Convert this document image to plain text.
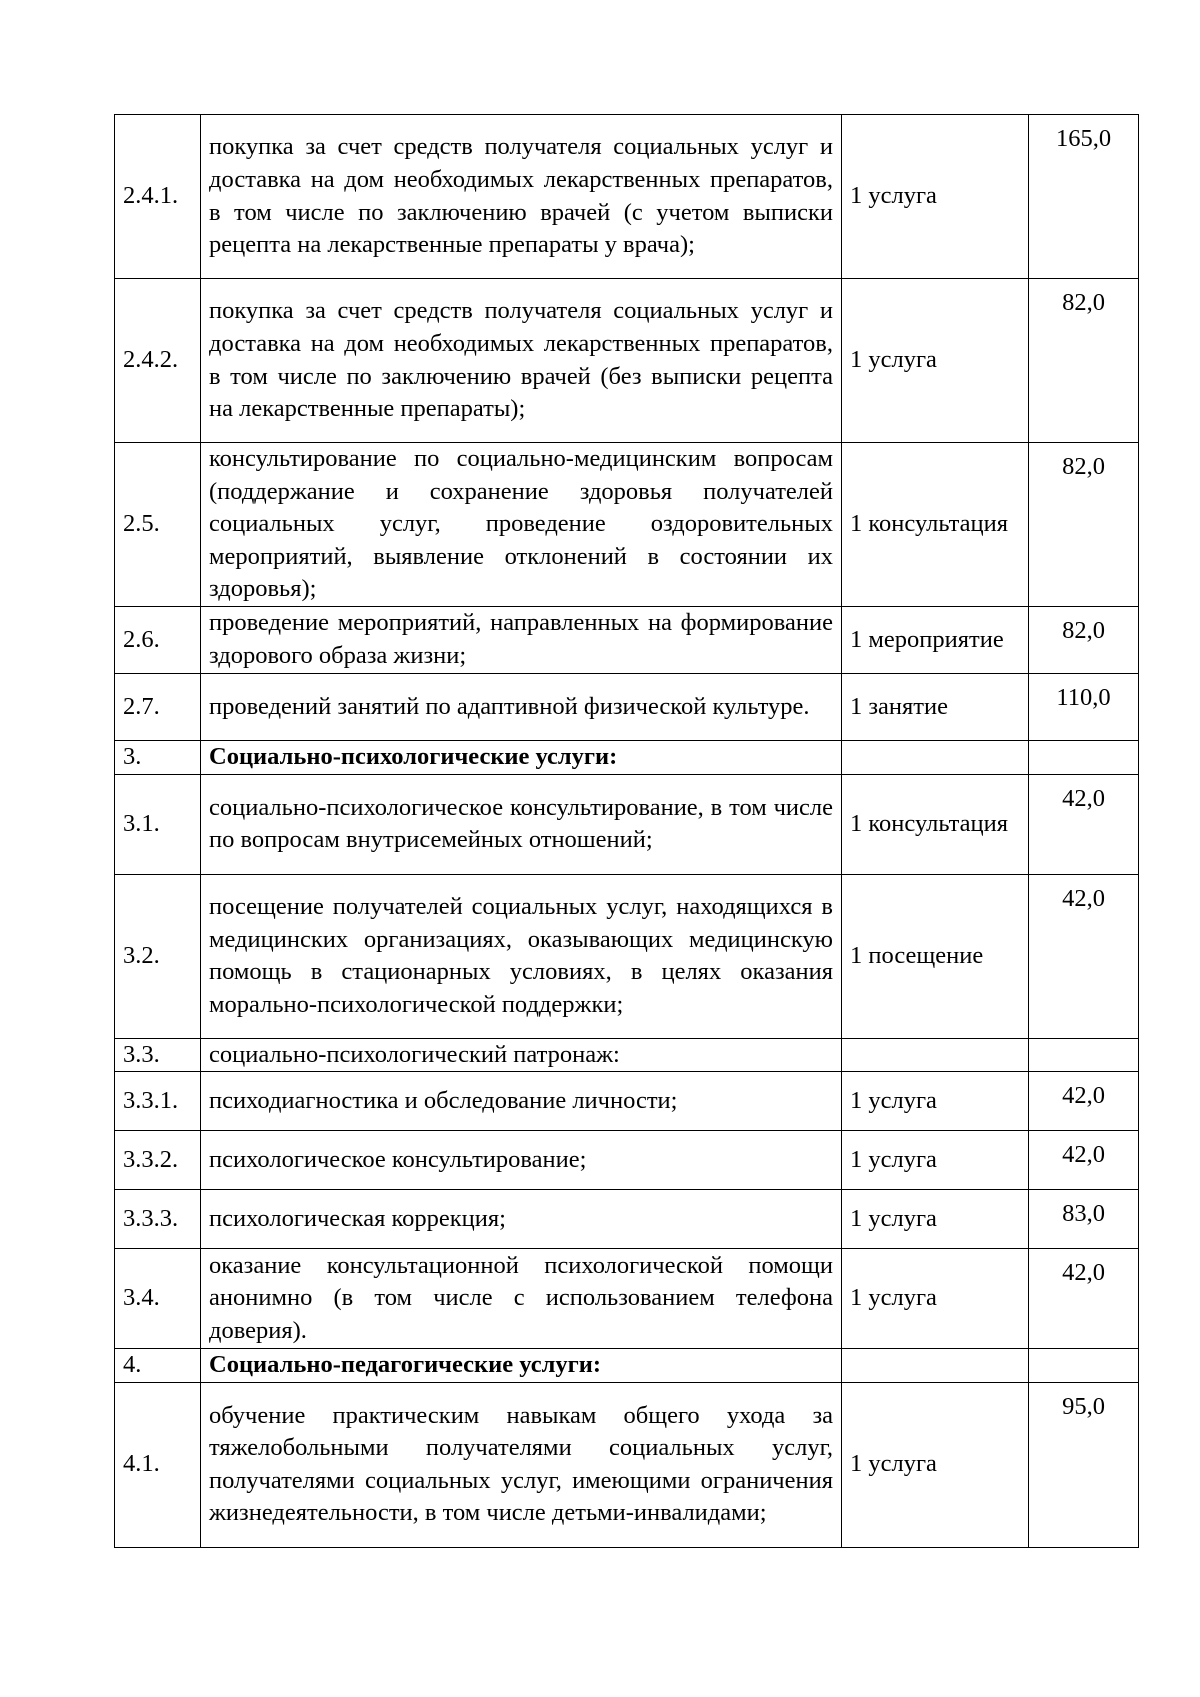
2.4.1.	покупка за счет средств получателя социальных услуг и доставка на дом необходимых лекарственных препаратов, в том числе по заключению врачей (с учетом выписки рецепта на лекарственные препараты у врача);	1 услуга	165,0
2.4.2.	покупка за счет средств получателя социальных услуг и доставка на дом необходимых лекарственных препаратов, в том числе по заключению врачей (без выписки рецепта на лекарственные препараты);	1 услуга	82,0
2.5.	консультирование по социально-медицинским вопросам (поддержание и сохранение здоровья получателей социальных услуг, проведение оздоровительных мероприятий, выявление отклонений в состоянии их здоровья);	1 консультация	82,0
2.6.	проведение мероприятий, направленных на формирование здорового образа жизни;	1 мероприятие	82,0
2.7.	проведений занятий по адаптивной физической культуре.	1 занятие	110,0
3.	Социально-психологические услуги:		
3.1.	социально-психологическое консультирование, в том числе по вопросам внутрисемейных отношений;	1 консультация	42,0
3.2.	посещение получателей социальных услуг, находящихся в медицинских организациях, оказывающих медицинскую помощь в стационарных условиях, в целях оказания морально-психологической поддержки;	1 посещение	42,0
3.3.	социально-психологический патронаж:		
3.3.1.	психодиагностика и обследование личности;	1 услуга	42,0
3.3.2.	психологическое консультирование;	1 услуга	42,0
3.3.3.	психологическая коррекция;	1 услуга	83,0
3.4.	оказание консультационной психологической помощи анонимно (в том числе с использованием телефона доверия).	1 услуга	42,0
4.	Социально-педагогические услуги:		
4.1.	обучение практическим навыкам общего ухода за тяжелобольными получателями социальных услуг, получателями социальных услуг, имеющими ограничения жизнедеятельности, в том числе детьми-инвалидами;	1 услуга	95,0
